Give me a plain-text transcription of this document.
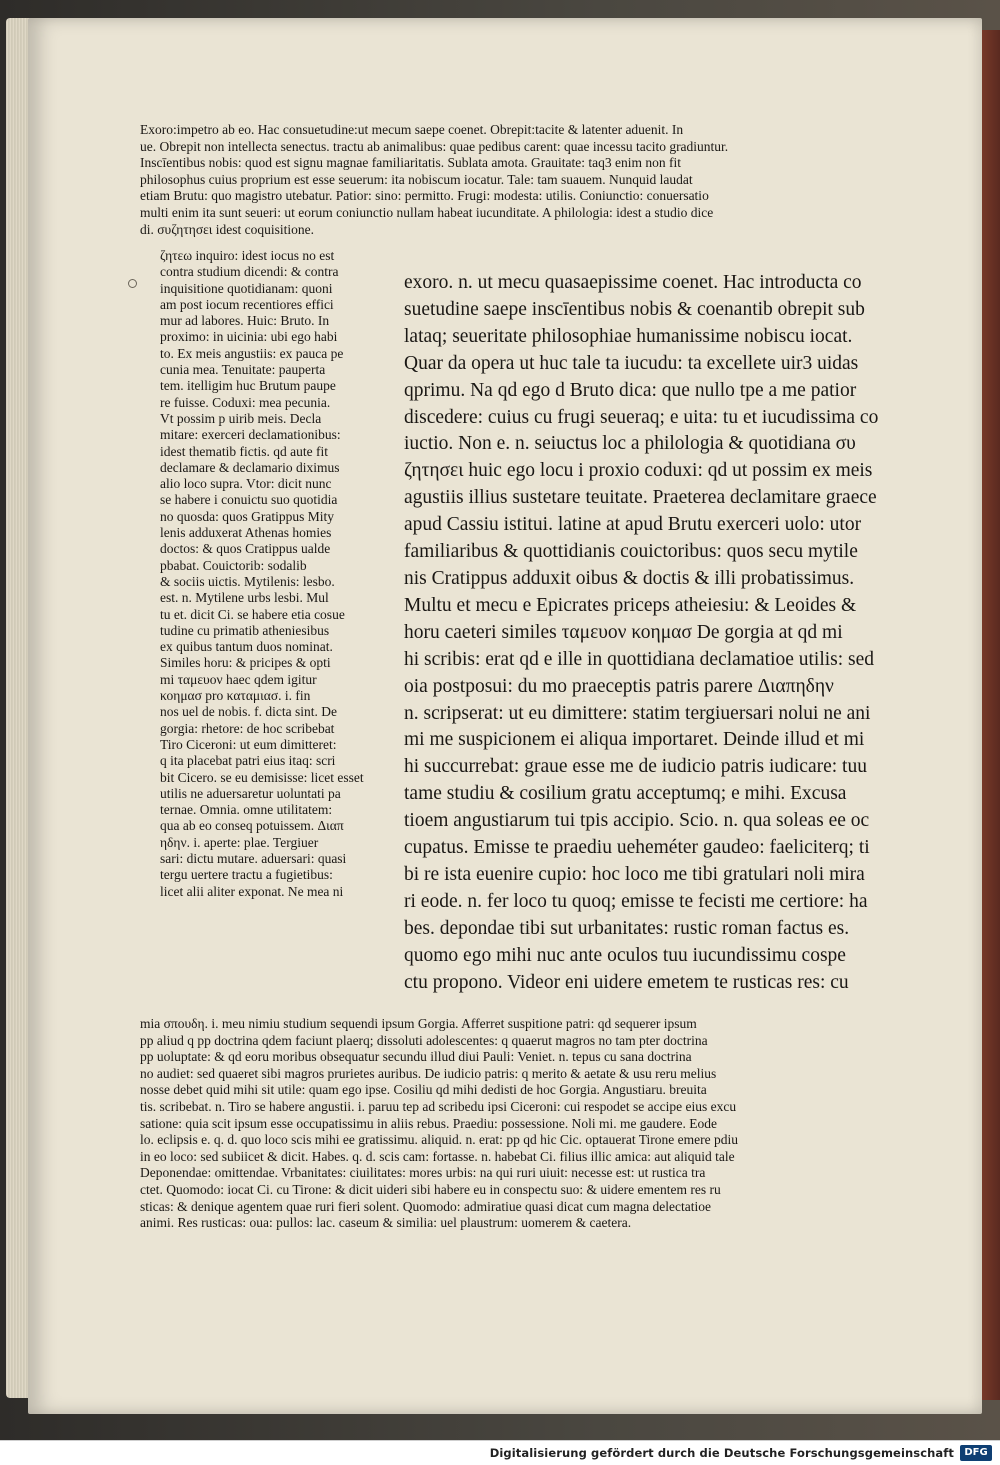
Exoro:impetro ab eo. Hac consuetudine:ut mecum saepe coenet. Obrepit:tacite & latenter aduenit. In
ue. Obrepit non intellecta senectus. tractu ab animalibus: quae pedibus carent: quae incessu tacito gradiuntur.
Inscīentibus nobis: quod est signu magnae familiaritatis. Sublata amota. Grauitate: taq3 enim non fit
philosophus cuius proprium est esse seuerum: ita nobiscum iocatur. Tale: tam suauem. Nunquid laudat
etiam Brutu: quo magistro utebatur. Patior: sino: permitto. Frugi: modesta: utilis. Coniunctio: conuersatio
multi enim ita sunt seueri: ut eorum coniunctio nullam habeat iucunditate. A philologia: idest a studio dice
di. συζητησει idest coquisitione.
ζητεω inquiro: idest iocus no est
contra studium dicendi: & contra
inquisitione quotidianam: quoni
am post iocum recentiores effici
mur ad labores. Huic: Bruto. In
proximo: in uicinia: ubi ego habi
to. Ex meis angustiis: ex pauca pe
cunia mea. Tenuitate: pauperta
tem. itelligim huc Brutum paupe
re fuisse. Coduxi: mea pecunia.
Vt possim p uirib meis. Decla
mitare: exerceri declamationibus:
idest thematib fictis. qd aute fit
declamare & declamario diximus
alio loco supra. Vtor: dicit nunc
se habere i conuictu suo quotidia
no quosda: quos Gratippus Mity
lenis adduxerat Athenas homies
doctos: & quos Cratippus ualde
pbabat. Couictorib: sodalib
& sociis uictis. Mytilenis: lesbo.
est. n. Mytilene urbs lesbi. Mul
tu et. dicit Ci. se habere etia cosue
tudine cu primatib atheniesibus
ex quibus tantum duos nominat.
Similes horu: & pricipes & opti
mi ταμευον haec qdem igitur
κοημασ pro καταμιασ. i. fin
nos uel de nobis. f. dicta sint. De
gorgia: rhetore: de hoc scribebat
Tiro Ciceroni: ut eum dimitteret:
q ita placebat patri eius itaq: scri
bit Cicero. se eu demisisse: licet esset
utilis ne aduersaretur uoluntati pa
ternae. Omnia. omne utilitatem:
qua ab eo conseq potuissem. Διαπ
ηδην. i. aperte: plae. Tergiuer
sari: dictu mutare. aduersari: quasi
tergu uertere tractu a fugietibus:
licet alii aliter exponat. Ne mea ni
exoro. n. ut mecu quasaepissime coenet. Hac introducta co
suetudine saepe inscīentibus nobis & coenantib obrepit sub
lataq; seueritate philosophiae humanissime nobiscu iocat.
Quar da opera ut huc tale ta iucudu: ta excellete uir3 uidas
qprimu. Na qd ego d Bruto dica: que nullo tpe a me patior
discedere: cuius cu frugi seueraq; e uita: tu et iucudissima co
iuctio. Non e. n. seiuctus loc a philologia & quotidiana συ
ζητησει huic ego locu i proxio coduxi: qd ut possim ex meis
agustiis illius sustetare teuitate. Praeterea declamitare graece
apud Cassiu istitui. latine at apud Brutu exerceri uolo: utor
familiaribus & quottidianis couictoribus: quos secu mytile
nis Cratippus adduxit oibus & doctis & illi probatissimus.
Multu et mecu e Epicrates priceps atheiesiu: & Leoides &
horu caeteri similes ταμευον κοημασ De gorgia at qd mi
hi scribis: erat qd e ille in quottidiana declamatioe utilis: sed
oia postposui: du mo praeceptis patris parere Διαπηδην
n. scripserat: ut eu dimittere: statim tergiuersari nolui ne ani
mi me suspicionem ei aliqua importaret. Deinde illud et mi
hi succurrebat: graue esse me de iudicio patris iudicare: tuu
tame studiu & cosilium gratu acceptumq; e mihi. Excusa
tioem angustiarum tui tpis accipio. Scio. n. qua soleas ee oc
cupatus. Emisse te praediu ueheméter gaudeo: faeliciterq; ti
bi re ista euenire cupio: hoc loco me tibi gratulari noli mira
ri eode. n. fer loco tu quoq; emisse te fecisti me certiore: ha
bes. depondae tibi sut urbanitates: rustic roman factus es.
quomo ego mihi nuc ante oculos tuu iucundissimu cospe
ctu propono. Videor eni uidere emetem te rusticas res: cu
mia σπουδη. i. meu nimiu studium sequendi ipsum Gorgia. Afferret suspitione patri: qd sequerer ipsum
pp aliud q pp doctrina qdem faciunt plaerq; dissoluti adolescentes: q quaerut magros no tam pter doctrina
pp uoluptate: & qd eoru moribus obsequatur secundu illud diui Pauli: Veniet. n. tepus cu sana doctrina
no audiet: sed quaeret sibi magros prurietes auribus. De iudicio patris: q merito & aetate & usu reru melius
nosse debet quid mihi sit utile: quam ego ipse. Cosiliu qd mihi dedisti de hoc Gorgia. Angustiaru. breuita
tis. scribebat. n. Tiro se habere angustii. i. paruu tep ad scribedu ipsi Ciceroni: cui respodet se accipe eius excu
satione: quia scit ipsum esse occupatissimu in aliis rebus. Praediu: possessione. Noli mi. me gaudere. Eode
lo. eclipsis e. q. d. quo loco scis mihi ee gratissimu. aliquid. n. erat: pp qd hic Cic. optauerat Tirone emere pdiu
in eo loco: sed subiicet & dicit. Habes. q. d. scis cam: fortasse. n. habebat Ci. filius illic amica: aut aliquid tale
Deponendae: omittendae. Vrbanitates: ciuilitates: mores urbis: na qui ruri uiuit: necesse est: ut rustica tra
ctet. Quomodo: iocat Ci. cu Tirone: & dicit uideri sibi habere eu in conspectu suo: & uidere ementem res ru
sticas: & denique agentem quae ruri fieri solent. Quomodo: admiratiue quasi dicat cum magna delectatioe
animi. Res rusticas: oua: pullos: lac. caseum & similia: uel plaustrum: uomerem & caetera.
Digitalisierung gefördert durch die Deutsche Forschungsgemeinschaft	DFG
